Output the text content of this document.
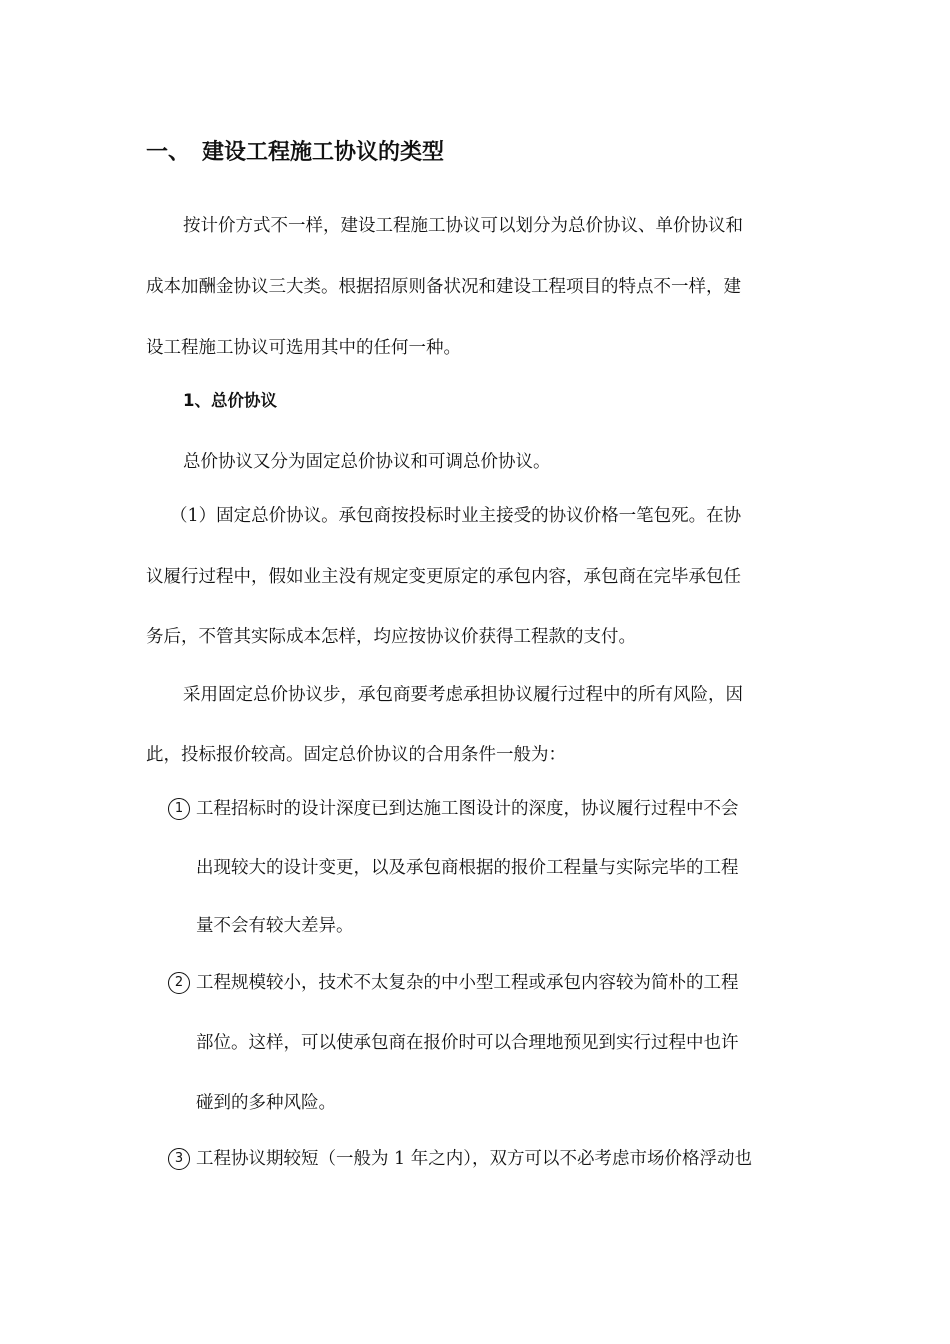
一、 建设工程施工协议的类型
按计价方式不一样，建设工程施工协议可以划分为总价协议、单价协议和
成本加酬金协议三大类。根据招原则备状况和建设工程项目的特点不一样，建
设工程施工协议可选用其中的任何一种。
1、总价协议
总价协议又分为固定总价协议和可调总价协议。
（1）固定总价协议。承包商按投标时业主接受的协议价格一笔包死。在协
议履行过程中，假如业主没有规定变更原定的承包内容，承包商在完毕承包任
务后，不管其实际成本怎样，均应按协议价获得工程款的支付。
采用固定总价协议步，承包商要考虑承担协议履行过程中的所有风险，因
此，投标报价较高。固定总价协议的合用条件一般为：
1 工程招标时的设计深度已到达施工图设计的深度，协议履行过程中不会
出现较大的设计变更，以及承包商根据的报价工程量与实际完毕的工程
量不会有较大差异。
2 工程规模较小，技术不太复杂的中小型工程或承包内容较为简朴的工程
部位。这样，可以使承包商在报价时可以合理地预见到实行过程中也许
碰到的多种风险。
3 工程协议期较短（一般为 1 年之内），双方可以不必考虑市场价格浮动也
